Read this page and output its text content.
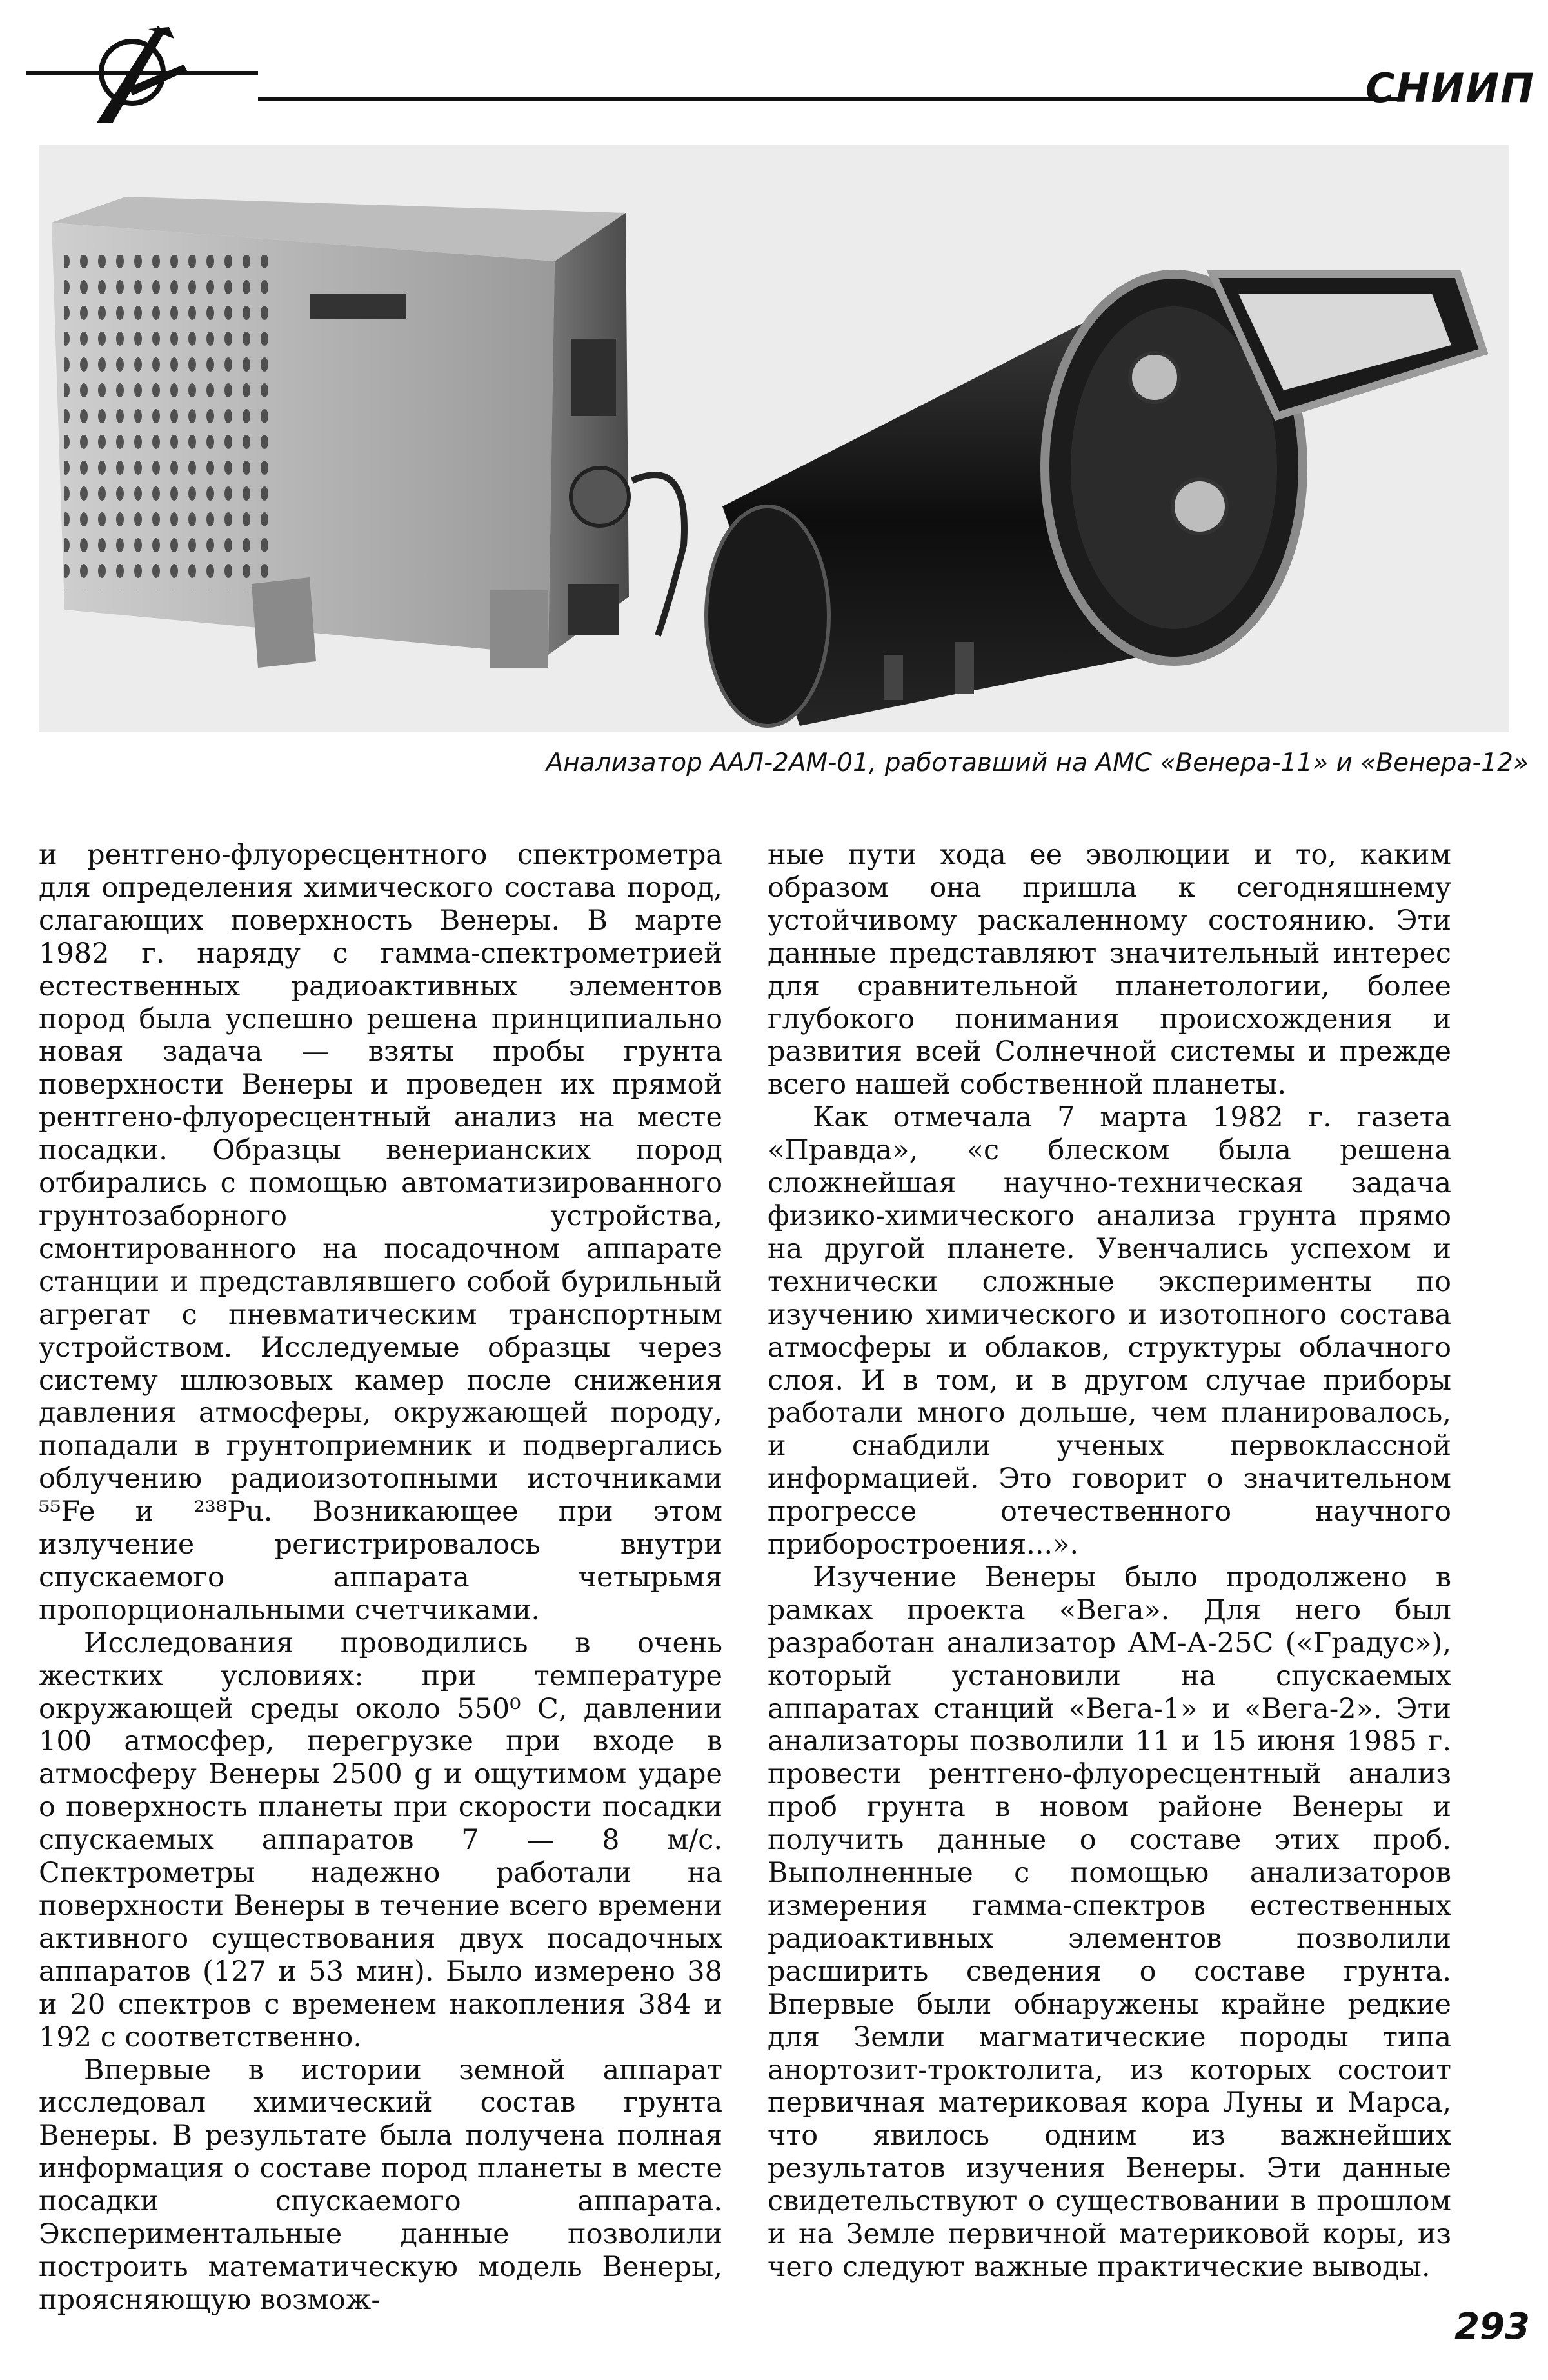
СНИИП
Анализатор ААЛ-2АМ-01, работавший на АМС «Венера-11» и «Венера-12»

и рентгено-флуоресцентного спектрометра для определения химического состава пород, слагающих поверхность Венеры. В марте 1982 г. наряду с гамма-спектрометрией естественных радиоактивных элементов пород была успешно решена принципиально новая задача — взяты пробы грунта поверхности Венеры и проведен их прямой рентгено-флуоресцентный анализ на месте посадки. Образцы венерианских пород отбирались с помощью автоматизированного грунтозаборного устройства, смонтированного на посадочном аппарате станции и представлявшего собой бурильный агрегат с пневматическим транспортным устройством. Исследуемые образцы через систему шлюзовых камер после снижения давления атмосферы, окружающей породу, попадали в грунтоприемник и подвергались облучению радиоизотопными источниками ⁵⁵Fe и ²³⁸Pu. Возникающее при этом излучение регистрировалось внутри спускаемого аппарата четырьмя пропорциональными счетчиками.

Исследования проводились в очень жестких условиях: при температуре окружающей среды около 550⁰ С, давлении 100 атмосфер, перегрузке при входе в атмосферу Венеры 2500 g и ощутимом ударе о поверхность планеты при скорости посадки спускаемых аппаратов 7 — 8 м/с. Спектрометры надежно работали на поверхности Венеры в течение всего времени активного существования двух посадочных аппаратов (127 и 53 мин). Было измерено 38 и 20 спектров с временем накопления 384 и 192 с соответственно.

Впервые в истории земной аппарат исследовал химический состав грунта Венеры. В результате была получена полная информация о составе пород планеты в месте посадки спускаемого аппарата. Экспериментальные данные позволили построить математическую модель Венеры, проясняющую возмож-

ные пути хода ее эволюции и то, каким образом она пришла к сегодняшнему устойчивому раскаленному состоянию. Эти данные представляют значительный интерес для сравнительной планетологии, более глубокого понимания происхождения и развития всей Солнечной системы и прежде всего нашей собственной планеты.

Как отмечала 7 марта 1982 г. газета «Правда», «с блеском была решена сложнейшая научно-техническая задача физико-химического анализа грунта прямо на другой планете. Увенчались успехом и технически сложные эксперименты по изучению химического и изотопного состава атмосферы и облаков, структуры облачного слоя. И в том, и в другом случае приборы работали много дольше, чем планировалось, и снабдили ученых первоклассной информацией. Это говорит о значительном прогрессе отечественного научного приборостроения...».

Изучение Венеры было продолжено в рамках проекта «Вега». Для него был разработан анализатор АМ-А-25С («Градус»), который установили на спускаемых аппаратах станций «Вега-1» и «Вега-2». Эти анализаторы позволили 11 и 15 июня 1985 г. провести рентгено-флуоресцентный анализ проб грунта в новом районе Венеры и получить данные о составе этих проб. Выполненные с помощью анализаторов измерения гамма-спектров естественных радиоактивных элементов позволили расширить сведения о составе грунта. Впервые были обнаружены крайне редкие для Земли магматические породы типа анортозит-троктолита, из которых состоит первичная материковая кора Луны и Марса, что явилось одним из важнейших результатов изучения Венеры. Эти данные свидетельствуют о существовании в прошлом и на Земле первичной материковой коры, из чего следуют важные практические выводы.

293
